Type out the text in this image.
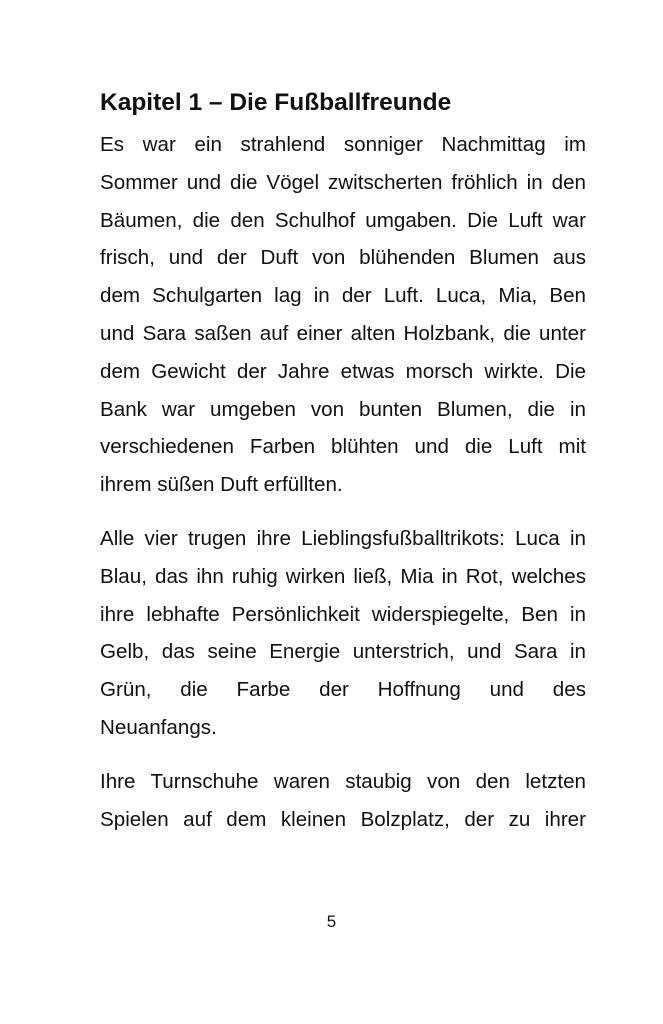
Kapitel 1 – Die Fußballfreunde
Es war ein strahlend sonniger Nachmittag im
Sommer und die Vögel zwitscherten fröhlich in den
Bäumen, die den Schulhof umgaben. Die Luft war
frisch, und der Duft von blühenden Blumen aus
dem Schulgarten lag in der Luft. Luca, Mia, Ben
und Sara saßen auf einer alten Holzbank, die unter
dem Gewicht der Jahre etwas morsch wirkte. Die
Bank war umgeben von bunten Blumen, die in
verschiedenen Farben blühten und die Luft mit
ihrem süßen Duft erfüllten.
Alle vier trugen ihre Lieblingsfußballtrikots: Luca in
Blau, das ihn ruhig wirken ließ, Mia in Rot, welches
ihre lebhafte Persönlichkeit widerspiegelte, Ben in
Gelb, das seine Energie unterstrich, und Sara in
Grün, die Farbe der Hoffnung und des
Neuanfangs.
Ihre Turnschuhe waren staubig von den letzten
Spielen auf dem kleinen Bolzplatz, der zu ihrer
5
